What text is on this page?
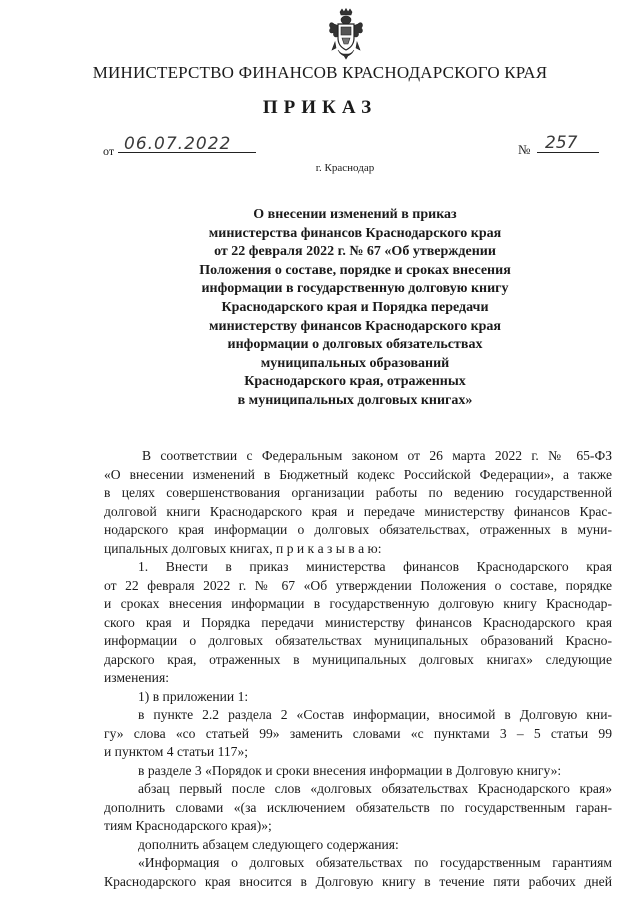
МИНИСТЕРСТВО ФИНАНСОВ КРАСНОДАРСКОГО КРАЯ
ПРИКАЗ
от 06.07.2022	№ 257
г. Краснодар
О внесении изменений в приказ
министерства финансов Краснодарского края
от 22 февраля 2022 г. № 67 «Об утверждении
Положения о составе, порядке и сроках внесения
информации в государственную долговую книгу
Краснодарского края и Порядка передачи
министерству финансов Краснодарского края
информации о долговых обязательствах
муниципальных образований
Краснодарского края, отраженных
в муниципальных долговых книгах»
В соответствии с Федеральным законом от 26 марта 2022 г. № 65-ФЗ
«О внесении изменений в Бюджетный кодекс Российской Федерации», а также
в целях совершенствования организации работы по ведению государственной
долговой книги Краснодарского края и передаче министерству финансов Крас-
нодарского края информации о долговых обязательствах, отраженных в муни-
ципальных долговых книгах, п р и к а з ы в а ю:
1. Внести в приказ министерства финансов Краснодарского края
от 22 февраля 2022 г. № 67 «Об утверждении Положения о составе, порядке
и сроках внесения информации в государственную долговую книгу Краснодар-
ского края и Порядка передачи министерству финансов Краснодарского края
информации о долговых обязательствах муниципальных образований Красно-
дарского края, отраженных в муниципальных долговых книгах» следующие
изменения:
1) в приложении 1:
в пункте 2.2 раздела 2 «Состав информации, вносимой в Долговую кни-
гу» слова «со статьей 99» заменить словами «с пунктами 3 – 5 статьи 99
и пунктом 4 статьи 117»;
в разделе 3 «Порядок и сроки внесения информации в Долговую книгу»:
абзац первый после слов «долговых обязательствах Краснодарского края»
дополнить словами «(за исключением обязательств по государственным гаран-
тиям Краснодарского края)»;
дополнить абзацем следующего содержания:
«Информация о долговых обязательствах по государственным гарантиям
Краснодарского края вносится в Долговую книгу в течение пяти рабочих дней
